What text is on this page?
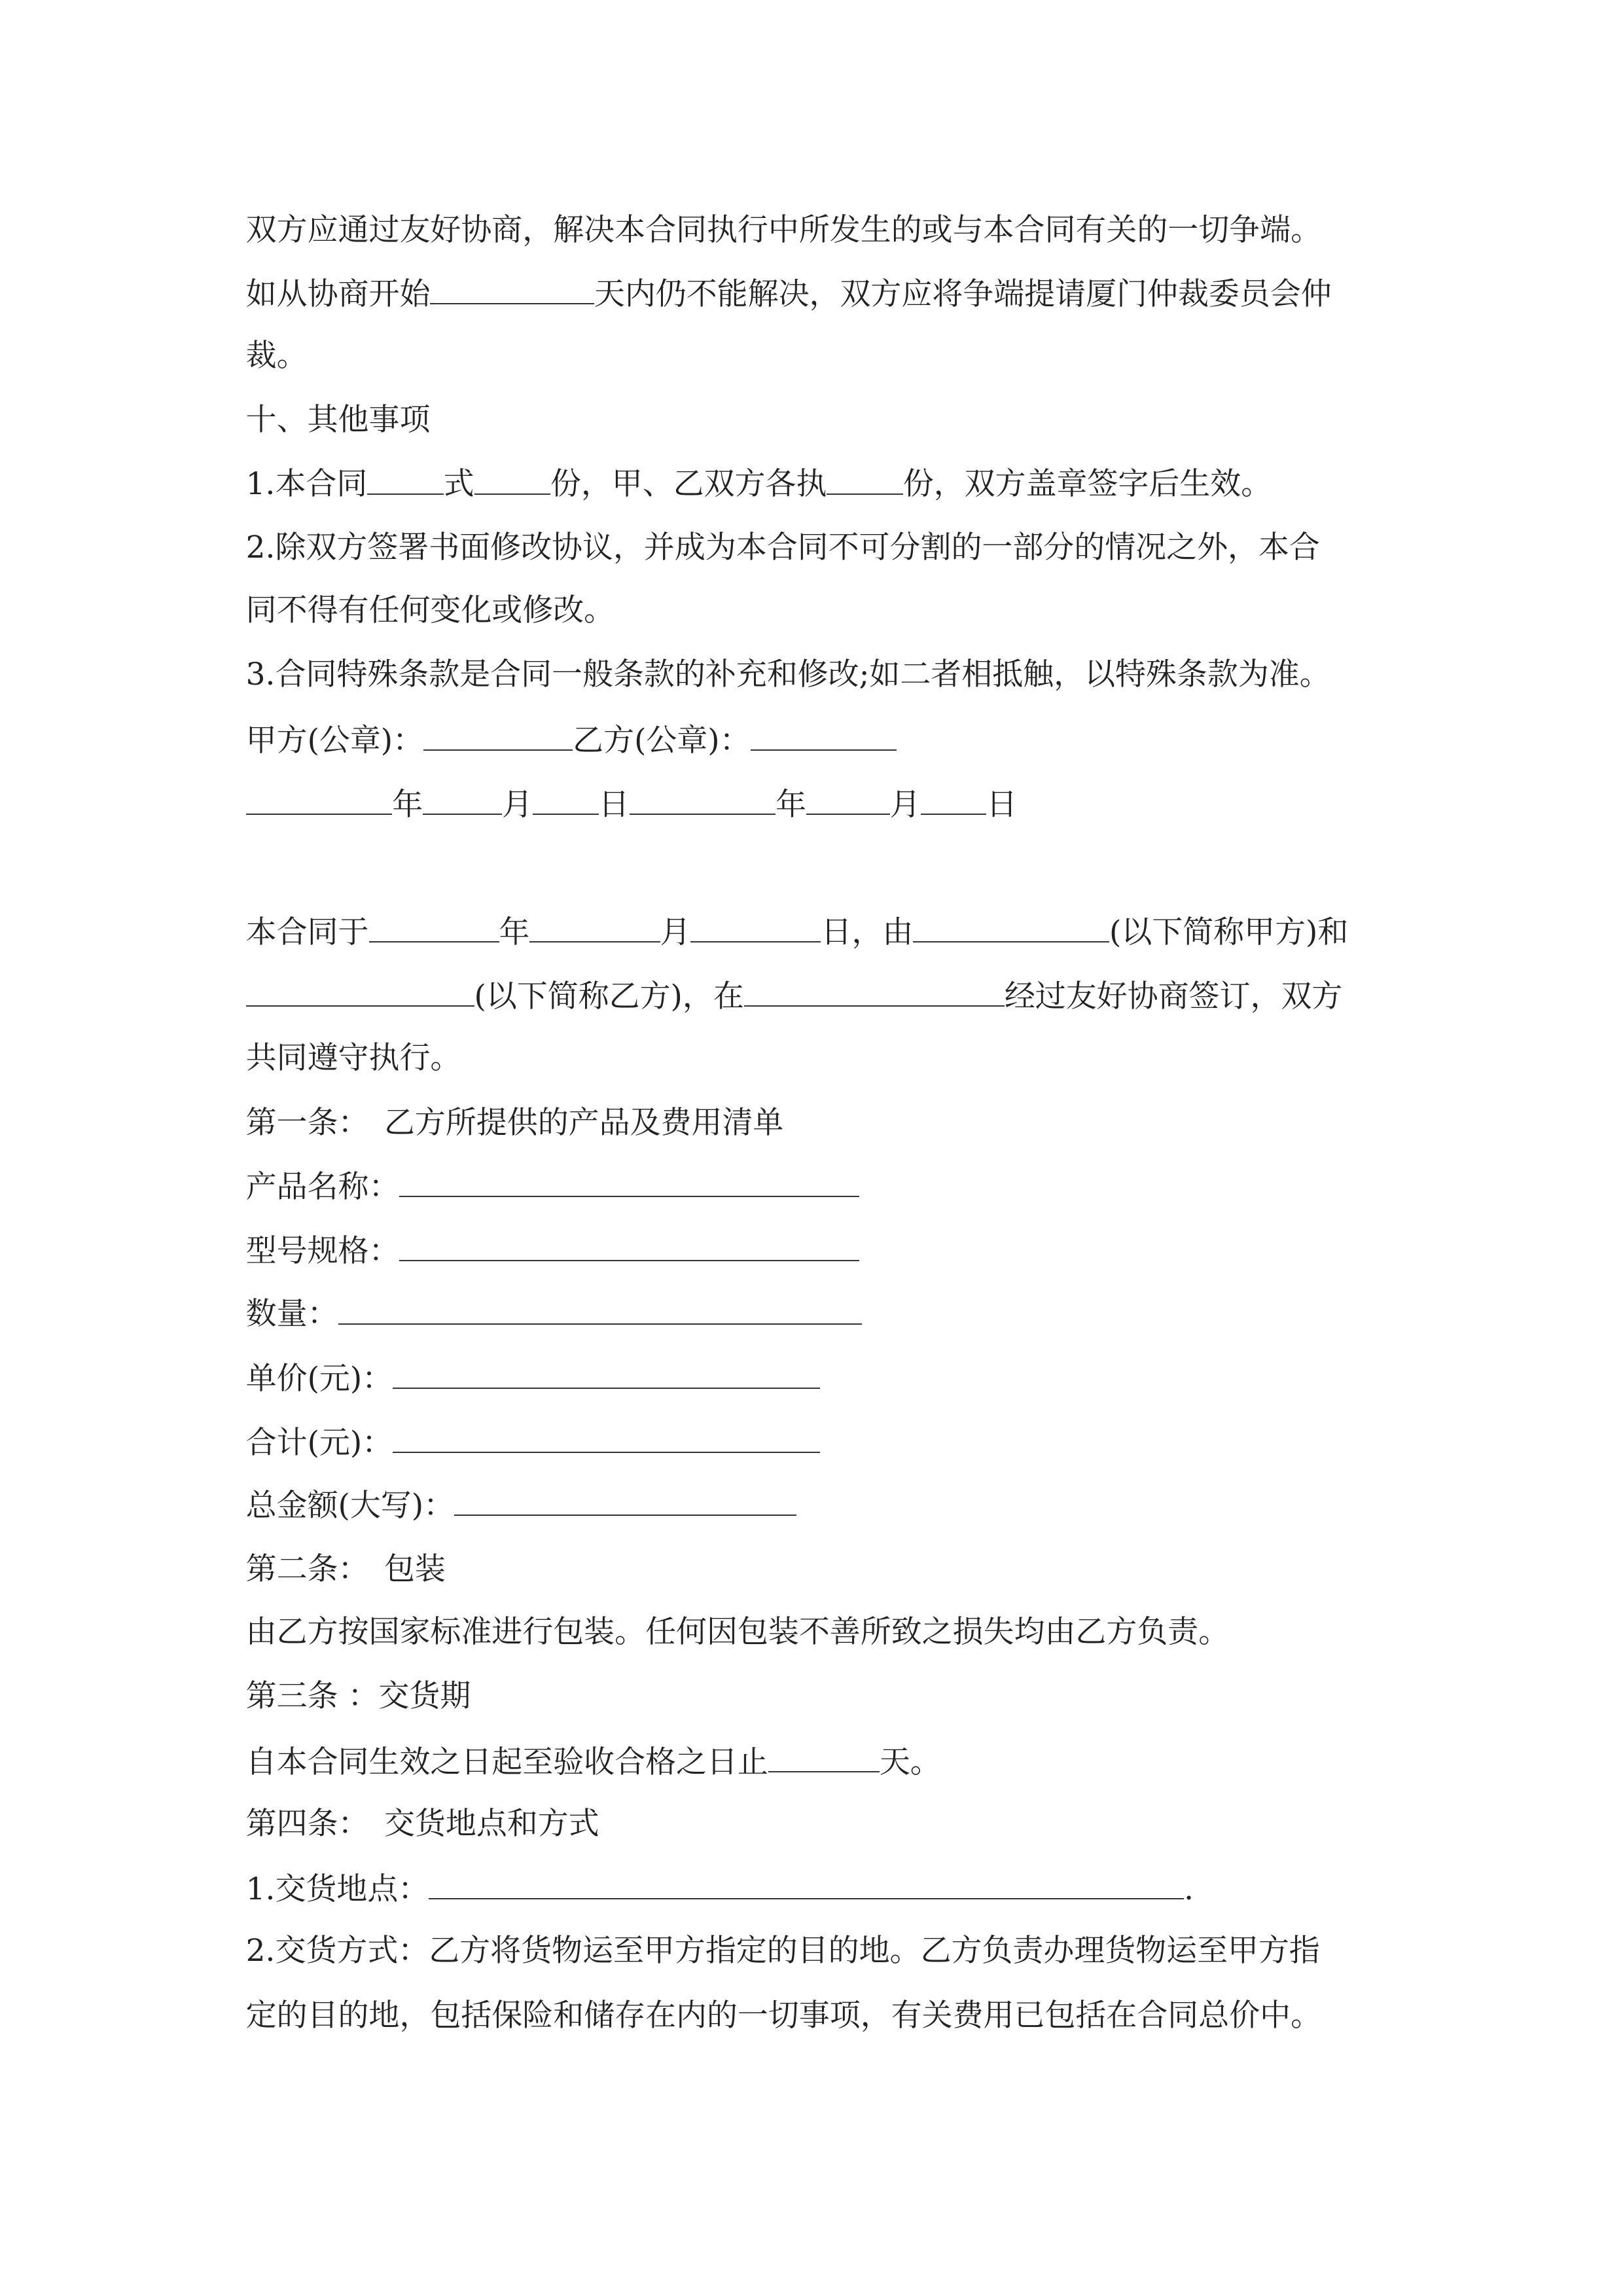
双方应通过友好协商，解决本合同执行中所发生的或与本合同有关的一切争端。
如从协商开始	天内仍不能解决，双方应将争端提请厦门仲裁委员会仲
裁。
十、其他事项
1.本合同	式	份，甲、乙双方各执	份，双方盖章签字后生效。
2.除双方签署书面修改协议，并成为本合同不可分割的一部分的情况之外，本合
同不得有任何变化或修改。
3.合同特殊条款是合同一般条款的补充和修改;如二者相抵触，以特殊条款为准。
甲方(公章)：	乙方(公章)：
年	月	日	年	月	日
本合同于	年	月	日，由	(以下简称甲方)和
(以下简称乙方)，在	经过友好协商签订，双方
共同遵守执行。
第一条：　乙方所提供的产品及费用清单
产品名称：
型号规格：
数量：
单价(元)：
合计(元)：
总金额(大写)：
第二条：　包装
由乙方按国家标准进行包装。任何因包装不善所致之损失均由乙方负责。
第三条 ：交货期
自本合同生效之日起至验收合格之日止	天。
第四条：　交货地点和方式
1.交货地点：	.
2.交货方式：乙方将货物运至甲方指定的目的地。乙方负责办理货物运至甲方指
定的目的地，包括保险和储存在内的一切事项，有关费用已包括在合同总价中。
